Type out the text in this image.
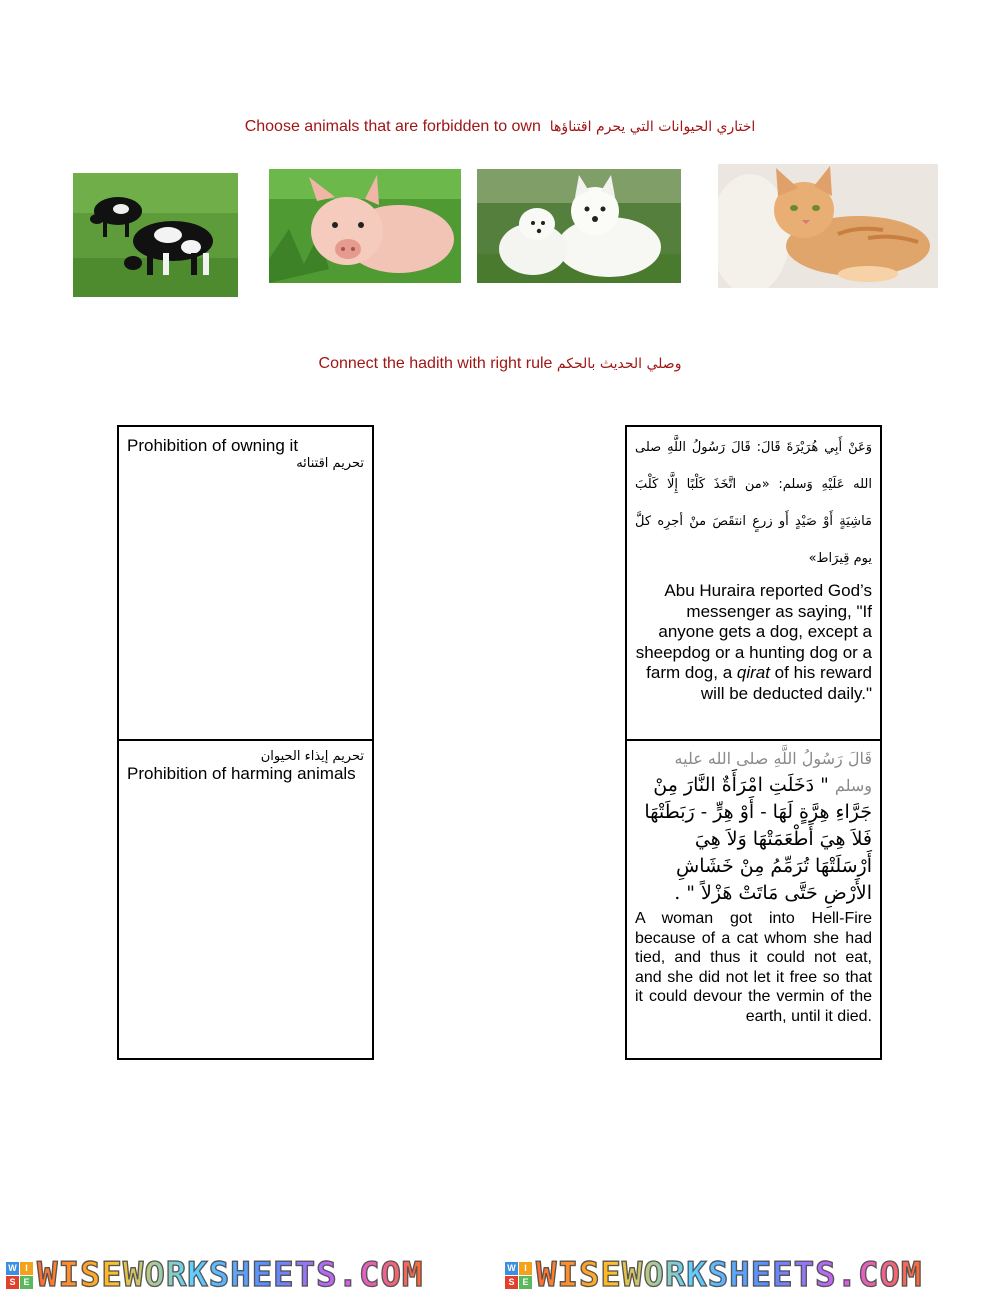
Choose animals that are forbidden to own اختاري الحيوانات التي يحرم اقتناؤها
Connect the hadith with right rule وصلي الحديث بالحكم
Prohibition of owning it
تحريم اقتنائه
تحريم إيذاء الحيوان
Prohibition of harming animals
وَعَنْ أَبِي هُرَيْرَةَ قَالَ: قَالَ رَسُولُ اللَّهِ صلى الله عَلَيْهِ وَسلم: «من اتَّخَذَ كَلْبًا إِلَّا كَلْبَ مَاشِيَةٍ أَوْ صَيْدٍ أَو زرعٍ انتقَصَ منْ أجرِه كلَّ يوم قِيرَاط»
Abu Huraira reported God’s messenger as saying, "If anyone gets a dog, except a sheepdog or a hunting dog or a farm dog, a qirat of his reward will be deducted daily."
قَالَ رَسُولُ اللَّهِ صلى الله عليه وسلم " دَخَلَتِ امْرَأَةٌ النَّارَ مِنْ جَرَّاءِ هِرَّةٍ لَهَا - أَوْ هِرٍّ - رَبَطَتْهَا فَلاَ هِيَ أَطْعَمَتْهَا وَلاَ هِيَ أَرْسَلَتْهَا تُرَمِّمُ مِنْ خَشَاشِ الأَرْضِ حَتَّى مَاتَتْ هَزْلاً " .
A woman got into Hell-Fire because of a cat whom she had tied, and thus it could not eat, and she did not let it free so that it could devour the vermin of the earth, until it died.
W I
S E WISEWORKSHEETS.COM	W I
S E WISEWORKSHEETS.COM
